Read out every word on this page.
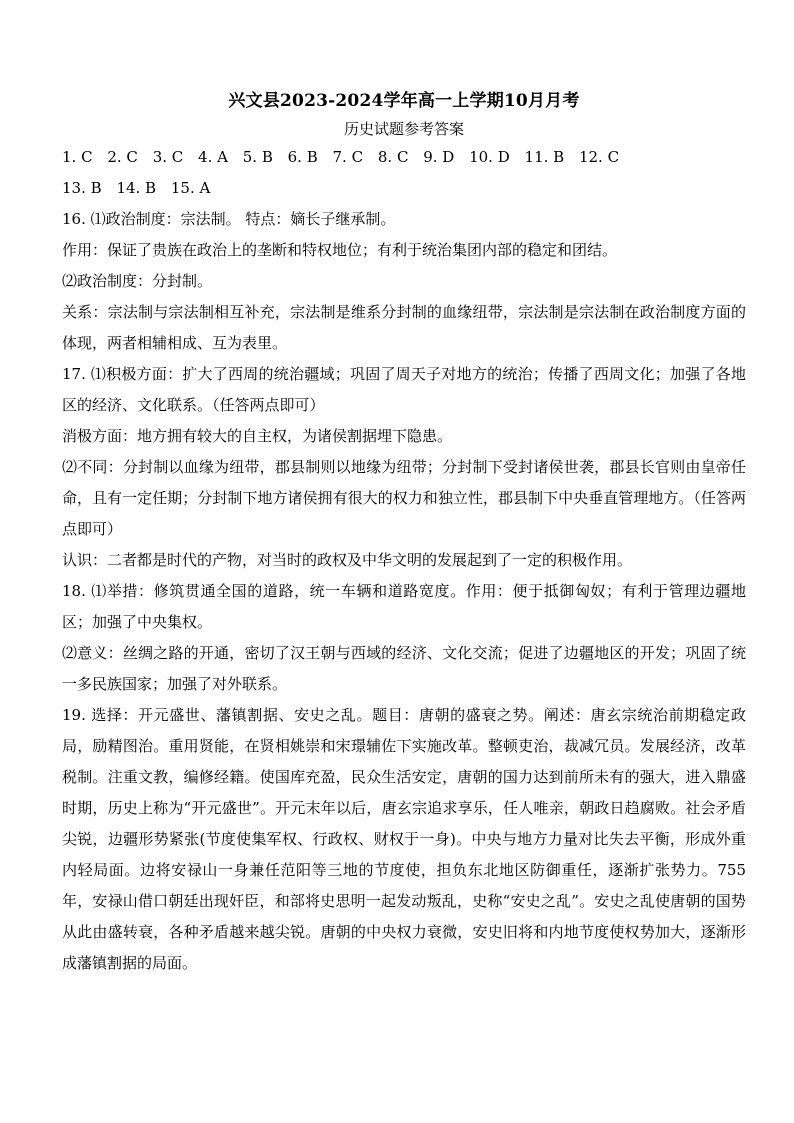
兴文县2023-2024学年高一上学期10月月考
历史试题参考答案
1. C 2. C 3. C 4. A 5. B 6. B 7. C 8. C 9. D 10. D 11. B 12. C
13. B 14. B 15. A

16. ⑴政治制度：宗法制。 特点：嫡长子继承制。

作用：保证了贵族在政治上的垄断和特权地位；有利于统治集团内部的稳定和团结。

⑵政治制度：分封制。

关系：宗法制与宗法制相互补充，宗法制是维系分封制的血缘纽带，宗法制是宗法制在政治制度方面的体现，两者相辅相成、互为表里。

17. ⑴积极方面：扩大了西周的统治疆域；巩固了周天子对地方的统治；传播了西周文化；加强了各地区的经济、文化联系。（任答两点即可）

消极方面：地方拥有较大的自主权，为诸侯割据埋下隐患。

⑵不同：分封制以血缘为纽带，郡县制则以地缘为纽带；分封制下受封诸侯世袭，郡县长官则由皇帝任命，且有一定任期；分封制下地方诸侯拥有很大的权力和独立性，郡县制下中央垂直管理地方。（任答两点即可）

认识：二者都是时代的产物，对当时的政权及中华文明的发展起到了一定的积极作用。

18. ⑴举措：修筑贯通全国的道路，统一车辆和道路宽度。作用：便于抵御匈奴；有利于管理边疆地区；加强了中央集权。

⑵意义：丝绸之路的开通，密切了汉王朝与西域的经济、文化交流；促进了边疆地区的开发；巩固了统一多民族国家；加强了对外联系。

19. 选择：开元盛世、藩镇割据、安史之乱。题目：唐朝的盛衰之势。阐述：唐玄宗统治前期稳定政局，励精图治。重用贤能，在贤相姚崇和宋璟辅佐下实施改革。整顿吏治，裁减冗员。发展经济，改革税制。注重文教，编修经籍。使国库充盈，民众生活安定，唐朝的国力达到前所未有的强大，进入鼎盛时期，历史上称为“开元盛世”。开元末年以后，唐玄宗追求享乐，任人唯亲，朝政日趋腐败。社会矛盾尖锐，边疆形势紧张(节度使集军权、行政权、财权于一身)。中央与地方力量对比失去平衡，形成外重内轻局面。边将安禄山一身兼任范阳等三地的节度使，担负东北地区防御重任，逐渐扩张势力。755年，安禄山借口朝廷出现奸臣，和部将史思明一起发动叛乱，史称“安史之乱”。安史之乱使唐朝的国势从此由盛转衰，各种矛盾越来越尖锐。唐朝的中央权力衰微，安史旧将和内地节度使权势加大，逐渐形成藩镇割据的局面。
